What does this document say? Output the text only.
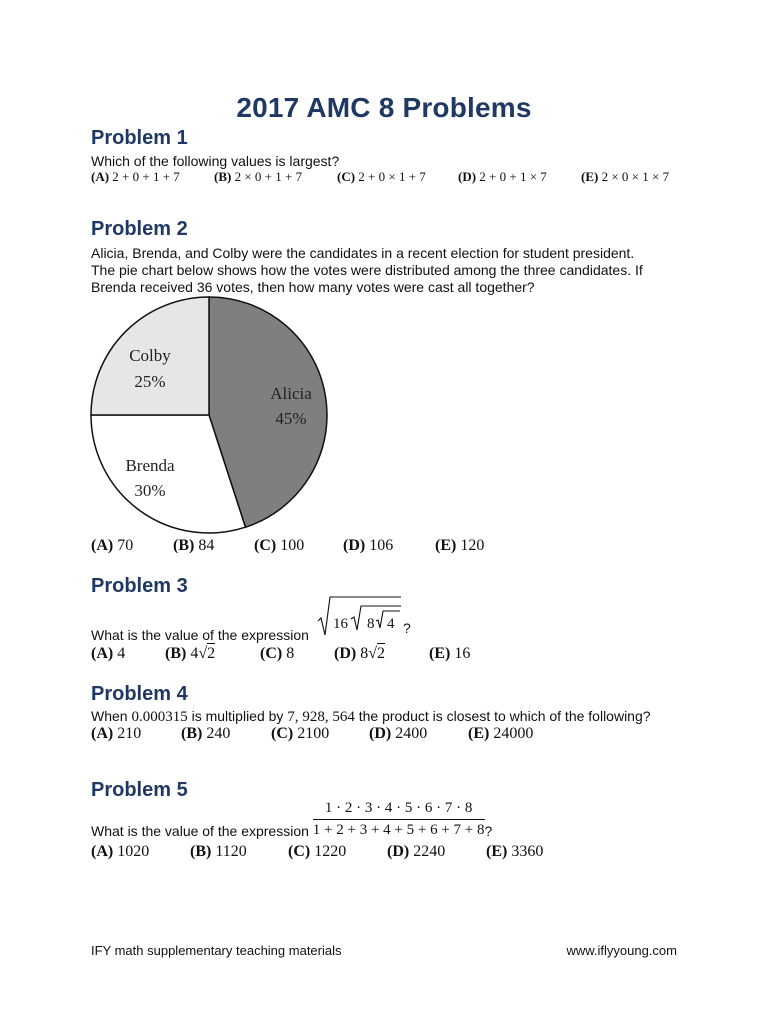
2017 AMC 8 Problems
Problem 1
Which of the following values is largest?
(A) 2 + 0 + 1 + 7	(B) 2 × 0 + 1 + 7	(C) 2 + 0 × 1 + 7 (D) 2 + 0 + 1 × 7	(E) 2 × 0 × 1 × 7
Problem 2
Alicia, Brenda, and Colby were the candidates in a recent election for student president.
The pie chart below shows how the votes were distributed among the three candidates. If
Brenda received 36 votes, then how many votes were cast all together?
Colby
25%
Alicia
45%
Brenda
30%
(A) 70 (B) 84 (C) 100 (D) 106	(E) 120
Problem 3
What is the value of the expression
16 8 4 ?
(A) 4 (B) 4√2	(C) 8 (D) 8√2	(E) 16
Problem 4
When 0.000315 is multiplied by 7, 928, 564 the product is closest to which of the following?
(A) 210 (B) 240	(C) 2100 (D) 2400	(E) 24000
Problem 5
What is the value of the expression $\frac{1 \cdot 2 \cdot 3 \cdot 4 \cdot 5 \cdot 6 \cdot 7 \cdot 8}{1 + 2 + 3 + 4 + 5 + 6 + 7 + 8}$ ?
(A) 1020	(B) 1120	(C) 1220	(D) 2240	(E) 3360
IFY math supplementary teaching materials	www.iflyyoung.com
